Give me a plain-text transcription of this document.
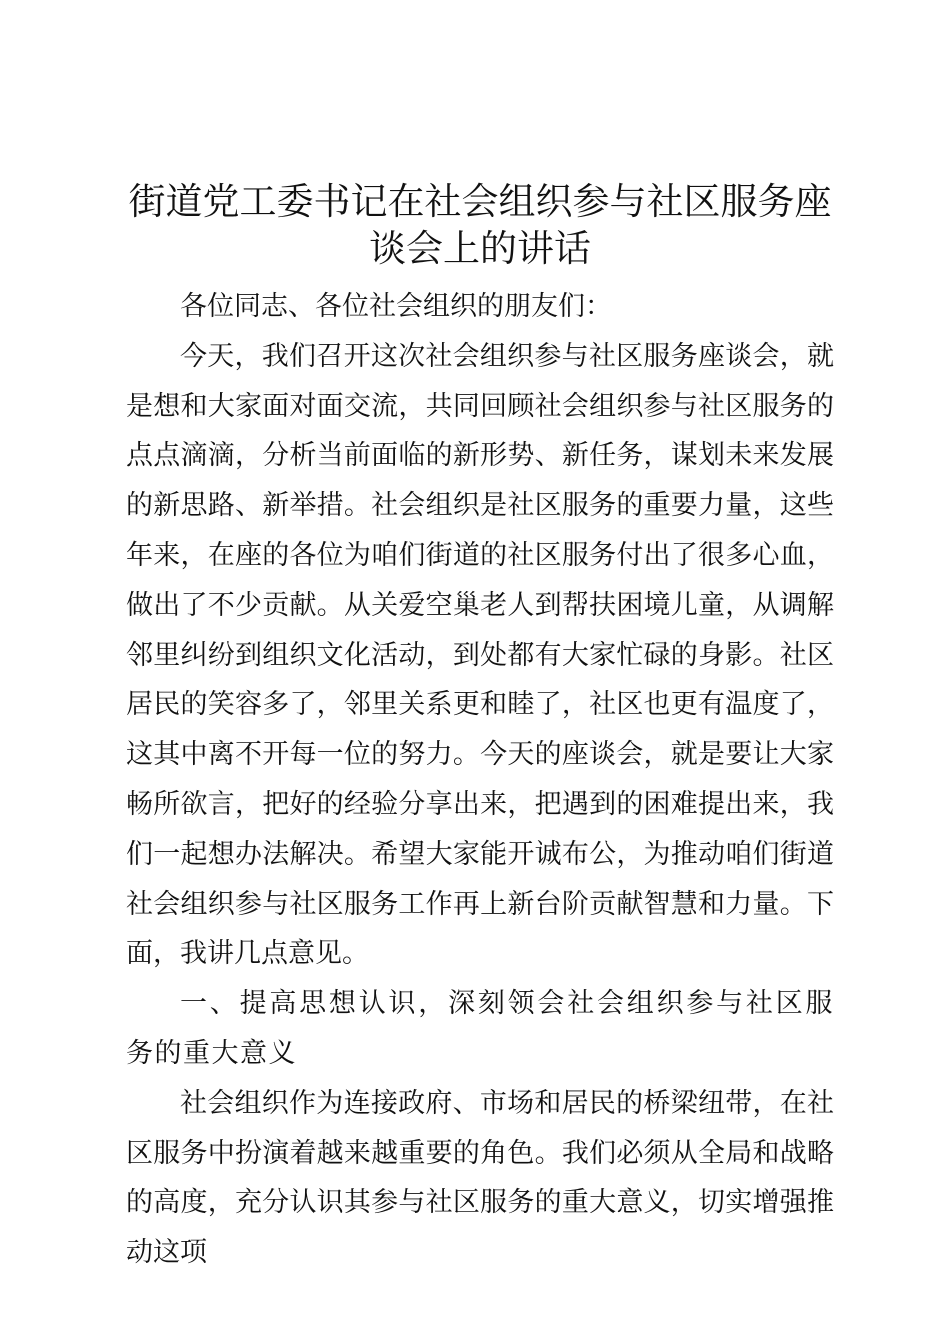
街道党工委书记在社会组织参与社区服务座谈会上的讲话

各位同志、各位社会组织的朋友们：

今天，我们召开这次社会组织参与社区服务座谈会，就是想和大家面对面交流，共同回顾社会组织参与社区服务的点点滴滴，分析当前面临的新形势、新任务，谋划未来发展的新思路、新举措。社会组织是社区服务的重要力量，这些年来，在座的各位为咱们街道的社区服务付出了很多心血，做出了不少贡献。从关爱空巢老人到帮扶困境儿童，从调解邻里纠纷到组织文化活动，到处都有大家忙碌的身影。社区居民的笑容多了，邻里关系更和睦了，社区也更有温度了，这其中离不开每一位的努力。今天的座谈会，就是要让大家畅所欲言，把好的经验分享出来，把遇到的困难提出来，我们一起想办法解决。希望大家能开诚布公，为推动咱们街道社会组织参与社区服务工作再上新台阶贡献智慧和力量。下面，我讲几点意见。

一、提高思想认识，深刻领会社会组织参与社区服务的重大意义

社会组织作为连接政府、市场和居民的桥梁纽带，在社区服务中扮演着越来越重要的角色。我们必须从全局和战略的高度，充分认识其参与社区服务的重大意义，切实增强推动这项
